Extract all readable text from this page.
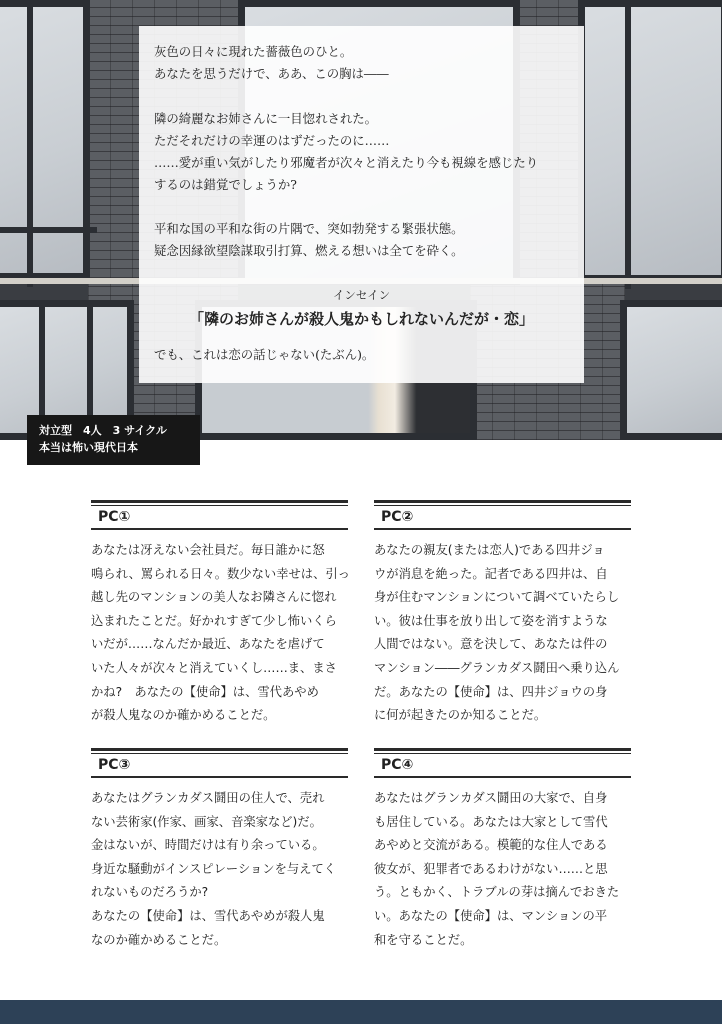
灰色の日々に現れた薔薇色のひと。

あなたを思うだけで、ああ、この胸は――

隣の綺麗なお姉さんに一目惚れされた。

ただそれだけの幸運のはずだったのに……

……愛が重い気がしたり邪魔者が次々と消えたり今も視線を感じたり

するのは錯覚でしょうか?

平和な国の平和な街の片隅で、突如勃発する緊張状態。

疑念因縁欲望陰謀取引打算、燃える想いは全てを砕く。

インセイン

「隣のお姉さんが殺人鬼かもしれないんだが・恋」

でも、これは恋の話じゃない(たぶん)。

対立型　4人　3 サイクル
本当は怖い現代日本
PC①
あなたは冴えない会社員だ。毎日誰かに怒
鳴られ、罵られる日々。数少ない幸せは、引っ
越し先のマンションの美人なお隣さんに惚れ
込まれたことだ。好かれすぎて少し怖いくら
いだが……なんだか最近、あなたを虐げて
いた人々が次々と消えていくし……ま、まさ
かね?　あなたの【使命】は、雪代あやめ
が殺人鬼なのか確かめることだ。
PC②
あなたの親友(または恋人)である四井ジョ
ウが消息を絶った。記者である四井は、自
身が住むマンションについて調べていたらし
い。彼は仕事を放り出して姿を消すような
人間ではない。意を決して、あなたは件の
マンション――グランカダス鬪田へ乗り込ん
だ。あなたの【使命】は、四井ジョウの身
に何が起きたのか知ることだ。
PC③
あなたはグランカダス鬪田の住人で、売れ
ない芸術家(作家、画家、音楽家など)だ。
金はないが、時間だけは有り余っている。
身近な騒動がインスピレーションを与えてく
れないものだろうか?
あなたの【使命】は、雪代あやめが殺人鬼
なのか確かめることだ。
PC④
あなたはグランカダス鬪田の大家で、自身
も居住している。あなたは大家として雪代
あやめと交流がある。模範的な住人である
彼女が、犯罪者であるわけがない……と思
う。ともかく、トラブルの芽は摘んでおきた
い。あなたの【使命】は、マンションの平
和を守ることだ。
